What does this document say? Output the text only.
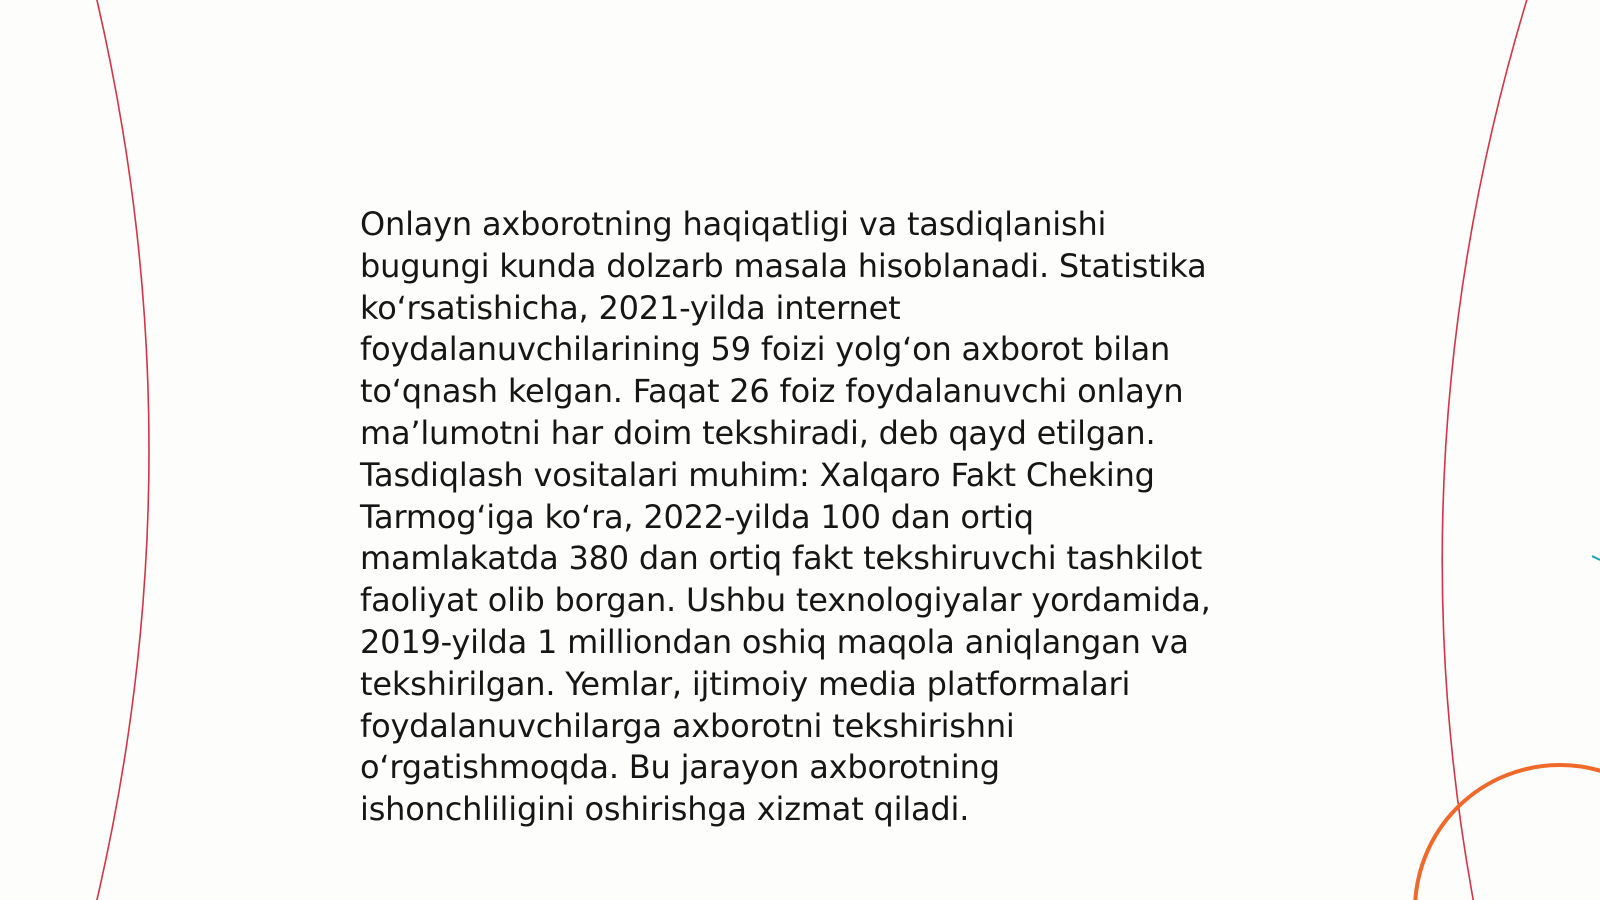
Onlayn axborotning haqiqatligi va tasdiqlanishi
bugungi kunda dolzarb masala hisoblanadi. Statistika
ko‘rsatishicha, 2021-yilda internet
foydalanuvchilarining 59 foizi yolg‘on axborot bilan
to‘qnash kelgan. Faqat 26 foiz foydalanuvchi onlayn
ma’lumotni har doim tekshiradi, deb qayd etilgan.
Tasdiqlash vositalari muhim: Xalqaro Fakt Cheking
Tarmog‘iga ko‘ra, 2022-yilda 100 dan ortiq
mamlakatda 380 dan ortiq fakt tekshiruvchi tashkilot
faoliyat olib borgan. Ushbu texnologiyalar yordamida,
2019-yilda 1 milliondan oshiq maqola aniqlangan va
tekshirilgan. Yemlar, ijtimoiy media platformalari
foydalanuvchilarga axborotni tekshirishni
o‘rgatishmoqda. Bu jarayon axborotning
ishonchliligini oshirishga xizmat qiladi.
